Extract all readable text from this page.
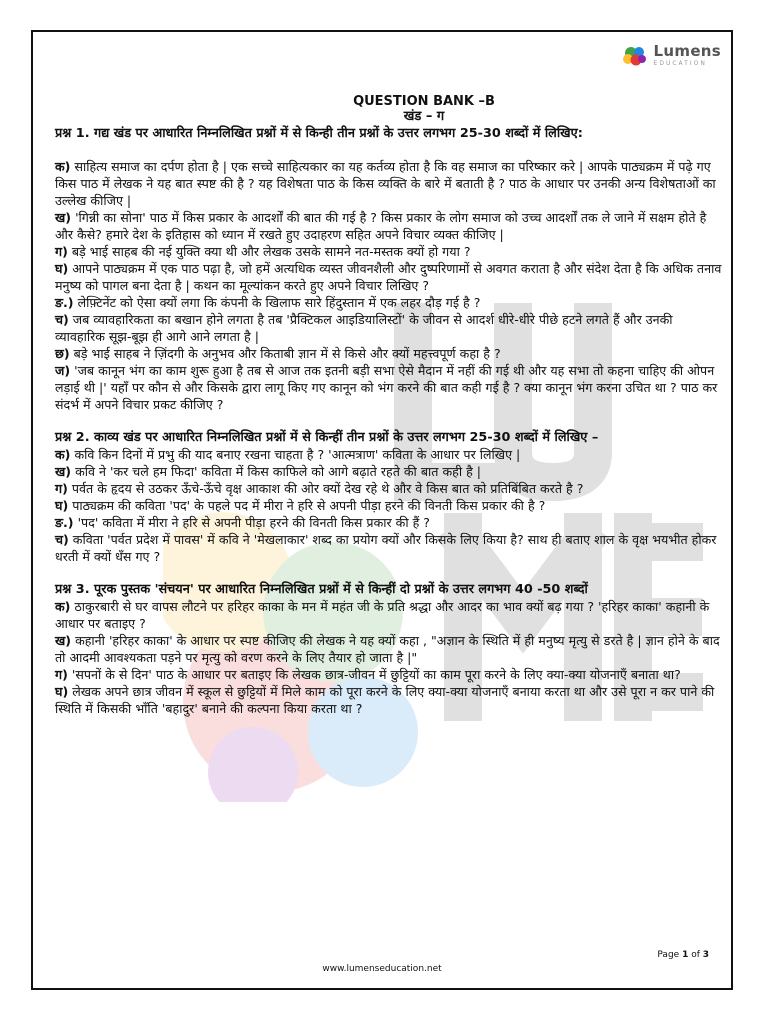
Lumens
EDUCATION
QUESTION BANK –B
खंड – ग
प्रश्न 1. गद्य खंड पर आधारित निम्नलिखित प्रश्नों में से किन्ही तीन प्रश्नों के उत्तर लगभग 25-30 शब्दों में लिखिए:
क) साहित्य समाज का दर्पण होता है | एक सच्चे साहित्यकार का यह कर्तव्य होता है कि वह समाज का परिष्कार करे | आपके पाठ्यक्रम में पढ़े गए किस पाठ में लेखक ने यह बात स्पष्ट की है ? यह विशेषता पाठ के किस व्यक्ति के बारे में बताती है ? पाठ के आधार पर उनकी अन्य विशेषताओं का उल्लेख कीजिए |
ख) 'गिन्नी का सोना' पाठ में किस प्रकार के आदर्शों की बात की गई है ? किस प्रकार के लोग समाज को उच्च आदर्शों तक ले जाने में सक्षम होते है और कैसे? हमारे देश के इतिहास को ध्यान में रखते हुए उदाहरण सहित अपने विचार व्यक्त कीजिए |
ग) बड़े भाई साहब की नई युक्ति क्या थी और लेखक उसके सामने नत-मस्तक क्यों हो गया ?
घ) आपने पाठ्यक्रम में एक पाठ पढ़ा है, जो हमें अत्यधिक व्यस्त जीवनशैली और दुष्परिणामों से अवगत कराता है और संदेश देता है कि अधिक तनाव मनुष्य को पागल बना देता है | कथन का मूल्यांकन करते हुए अपने विचार लिखिए ?
ङ.) लेफ़्टिनेंट को ऐसा क्यों लगा कि कंपनी के खिलाफ सारे हिंदुस्तान में एक लहर दौड़ गई है ?
च) जब व्यावहारिकता का बखान होने लगता है तब 'प्रैक्टिकल आइडियालिस्टों' के जीवन से आदर्श धीरे-धीरे पीछे हटने लगते हैं और उनकी व्यावहारिक सूझ-बूझ ही आगे आने लगता है |
छ) बड़े भाई साहब ने ज़िंदगी के अनुभव और किताबी ज्ञान में से किसे और क्यों महत्त्वपूर्ण कहा है ?
ज) 'जब कानून भंग का काम शुरू हुआ है तब से आज तक इतनी बड़ी सभा ऐसे मैदान में नहीं की गई थी और यह सभा तो कहना चाहिए की ओपन लड़ाई थी |' यहाँ पर कौन से और किसके द्वारा लागू किए गए कानून को भंग करने की बात कही गई है ? क्या कानून भंग करना उचित था ? पाठ कर संदर्भ में अपने विचार प्रकट कीजिए ?
प्रश्न 2. काव्य खंड पर आधारित निम्नलिखित प्रश्नों में से किन्हीं तीन प्रश्नों के उत्तर लगभग 25-30 शब्दों में लिखिए –
क) कवि किन दिनों में प्रभु की याद बनाए रखना चाहता है ? 'आत्मत्राण' कविता के आधार पर लिखिए |
ख) कवि ने 'कर चले हम फिदा' कविता में किस काफिले को आगे बढ़ाते रहते की बात कही है |
ग) पर्वत के हृदय से उठकर ऊँचे-ऊँचे वृक्ष आकाश की ओर क्यों देख रहे थे और वे किस बात को प्रतिबिंबित करते है ?
घ) पाठ्यक्रम की कविता 'पद' के पहले पद में मीरा ने हरि से अपनी पीड़ा हरने की विनती किस प्रकार की है ?
ङ.) 'पद' कविता में मीरा ने हरि से अपनी पीड़ा हरने की विनती किस प्रकार की हैं ?
च) कविता 'पर्वत प्रदेश में पावस' में कवि ने 'मेखलाकार' शब्द का प्रयोग क्यों और किसके लिए किया है? साथ ही बताए शाल के वृक्ष भयभीत होकर धरती में क्यों धँस गए ?
प्रश्न 3. पूरक पुस्तक 'संचयन' पर आधारित निम्नलिखित प्रश्नों में से किन्हीं दो प्रश्नों के उत्तर लगभग 40 -50 शब्दों
क) ठाकुरबारी से घर वापस लौटने पर हरिहर काका के मन में महंत जी के प्रति श्रद्धा और आदर का भाव क्यों बढ़ गया ? 'हरिहर काका' कहानी के आधार पर बताइए ?
ख) कहानी 'हरिहर काका' के आधार पर स्पष्ट कीजिए की लेखक ने यह क्यों कहा , "अज्ञान के स्थिति में ही मनुष्य मृत्यु से डरते है | ज्ञान होने के बाद तो आदमी आवश्यकता पड़ने पर मृत्यु को वरण करने के लिए तैयार हो जाता है |"
ग) 'सपनों के से दिन' पाठ के आधार पर बताइए कि लेखक छात्र-जीवन में छुट्टियों का काम पूरा करने के लिए क्या-क्या योजनाएँ बनाता था?
घ) लेखक अपने छात्र जीवन में स्कूल से छुट्टियों में मिले काम को पूरा करने के लिए क्या-क्या योजनाएँ बनाया करता था और उसे पूरा न कर पाने की स्थिति में किसकी भाँति 'बहादुर' बनाने की कल्पना किया करता था ?
Page 1 of 3
www.lumenseducation.net
